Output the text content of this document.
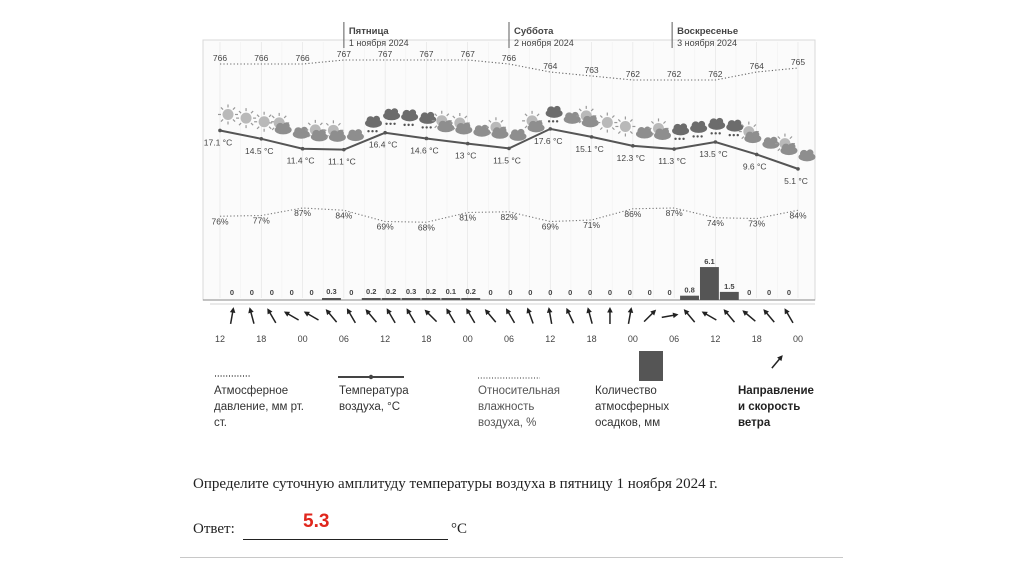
Пятница
1 ноября 2024
Суббота
2 ноября 2024
Воскресенье
3 ноября 2024
766	766	766	767	767	767	767	766
764	763	762	762	762
764	765
17.1 °C
14.5 °C
11.4 °C 11.1 °C
16.4 °C
14.6 °C
13 °C 11.5 °C
17.6 °C
15.1 °C
12.3 °C 11.3 °C
13.5 °C
9.6 °C
5.1 °C
76%	77%
87%	84%
69%	68%
81%	82%
69%	71%
86%	87%
74%	73%
84%
0 0 0 0 0 0.3 0 0.2 0.2 0.3 0.2 0.1 0.2 0 0 0 0 0 0 0 0 0 0 0.8
6.1
1.5
0 0 0
12	18	00	06	12	18	00	06	12	18	00	06	12	18	00
Атмосферное давление, мм рт. ст.
Температура воздуха, °С
Относительная влажность воздуха, %
Количество атмосферных осадков, мм
Направление и скорость ветра
Определите суточную амплитуду температуры воздуха в пятницу 1 ноября 2024 г.
Ответ:	5.3	°C
